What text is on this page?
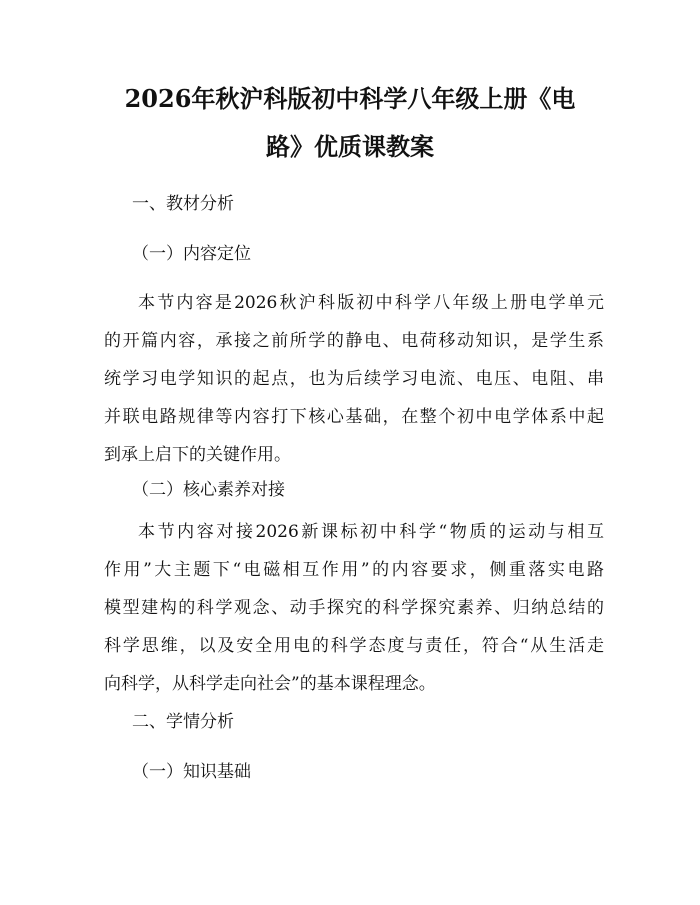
2026年秋沪科版初中科学八年级上册《电
路》优质课教案
一、教材分析
（一）内容定位
本节内容是2026秋沪科版初中科学八年级上册电学单元
的开篇内容，承接之前所学的静电、电荷移动知识，是学生系
统学习电学知识的起点，也为后续学习电流、电压、电阻、串
并联电路规律等内容打下核心基础，在整个初中电学体系中起
到承上启下的关键作用。
（二）核心素养对接
本节内容对接2026新课标初中科学“物质的运动与相互
作用”大主题下“电磁相互作用”的内容要求，侧重落实电路
模型建构的科学观念、动手探究的科学探究素养、归纳总结的
科学思维，以及安全用电的科学态度与责任，符合“从生活走
向科学，从科学走向社会”的基本课程理念。
二、学情分析
（一）知识基础
